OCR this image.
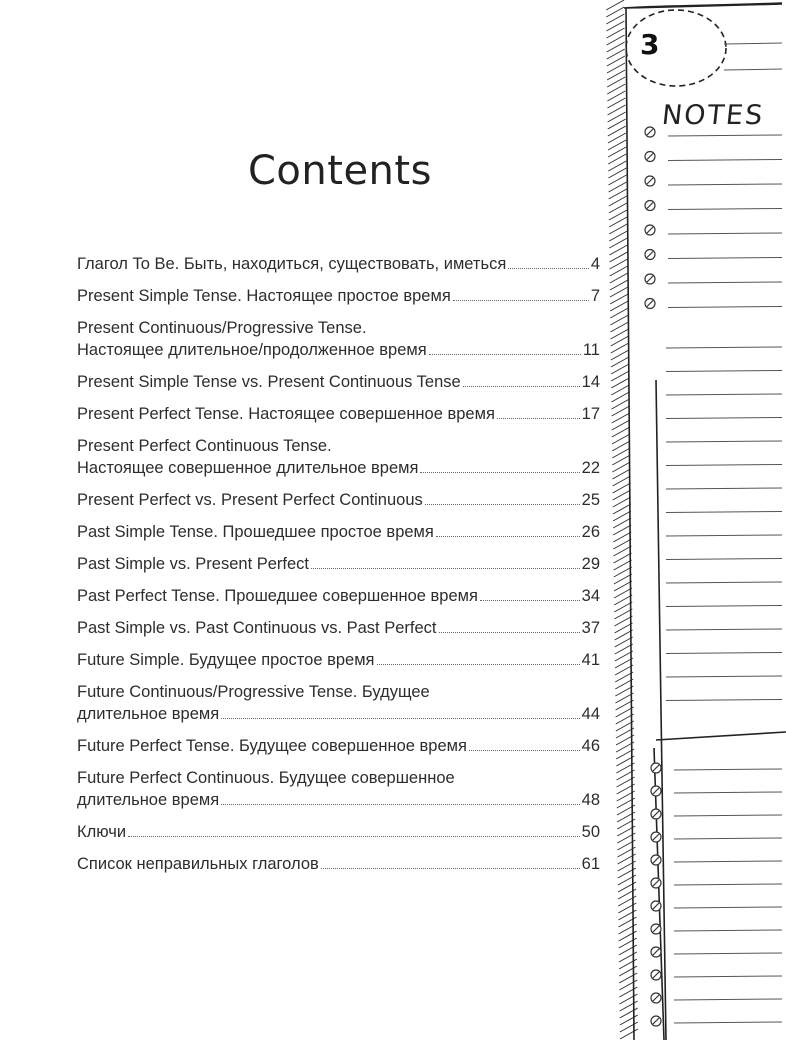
Contents
Глагол To Be. Быть, находиться, существовать, иметься	4
Present Simple Tense. Настоящее простое время	7
Present Continuous/Progressive Tense.
Настоящее длительное/продолженное время	11
Present Simple Tense vs. Present Continuous Tense	14
Present Perfect Tense. Настоящее совершенное время	17
Present Perfect Continuous Tense.
Настоящее совершенное длительное время	22
Present Perfect vs. Present Perfect Continuous	25
Past Simple Tense. Прошедшее простое время	26
Past Simple vs. Present Perfect	29
Past Perfect Tense. Прошедшее совершенное время	34
Past Simple vs. Past Continuous vs. Past Perfect	37
Future Simple. Будущее простое время	41
Future Continuous/Progressive Tense. Будущее
длительное время	44
Future Perfect Tense. Будущее совершенное время	46
Future Perfect Continuous. Будущее совершенное
длительное время	48
Ключи	50
Список неправильных глаголов	61
3
NOTES
